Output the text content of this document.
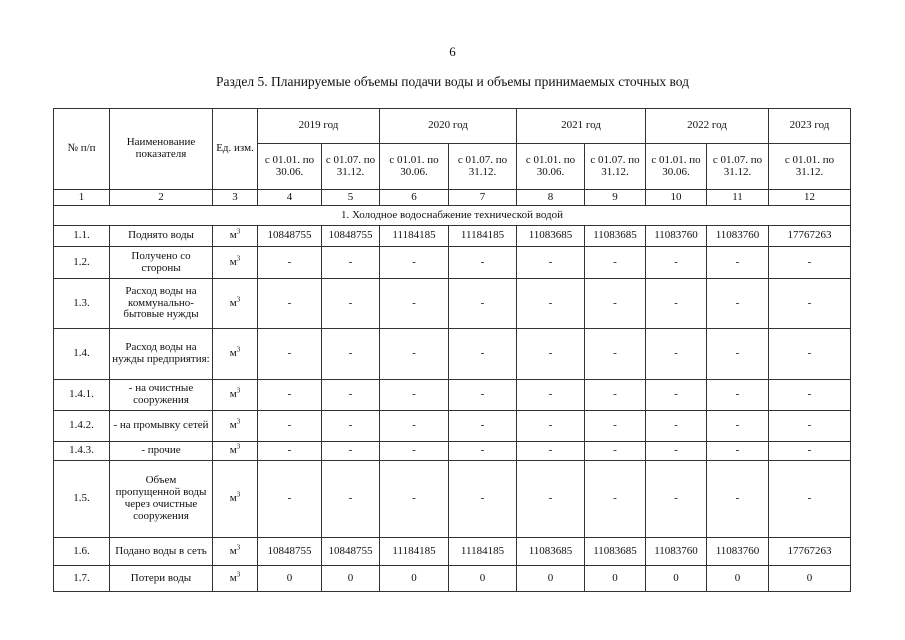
6
Раздел 5. Планируемые объемы подачи воды и объемы принимаемых сточных вод
№ п/п	Наименование показателя	Ед. изм.	2019 год		2020 год		2021 год		2022 год		2023 год
			с 01.01. по 30.06.	с 01.07. по 31.12.	с 01.01. по 30.06.	с 01.07. по 31.12.	с 01.01. по 30.06.	с 01.07. по 31.12.	с 01.01. по 30.06.	с 01.07. по 31.12.	с 01.01. по 31.12.
1	2	3	4	5	6	7	8	9	10	11	12
1. Холодное водоснабжение технической водой											
1.1.	Поднято воды	$м^3$	10848755	10848755	11184185	11184185	11083685	11083685	11083760	11083760	17767263
1.2.	Получено со стороны	$м^3$	-	-	-	-	-	-	-	-	-
1.3.	Расход воды на коммунально-бытовые нужды	$м^3$	-	-	-	-	-	-	-	-	-
1.4.	Расход воды на нужды предприятия:	$м^3$	-	-	-	-	-	-	-	-	-
1.4.1.	- на очистные сооружения	$м^3$	-	-	-	-	-	-	-	-	-
1.4.2.	- на промывку сетей	$м^3$	-	-	-	-	-	-	-	-	-
1.4.3.	- прочие	$м^3$	-	-	-	-	-	-	-	-	-
1.5.	Объем пропущенной воды через очистные сооружения	$м^3$	-	-	-	-	-	-	-	-	-
1.6.	Подано воды в сеть	$м^3$	10848755	10848755	11184185	11184185	11083685	11083685	11083760	11083760	17767263
1.7.	Потери воды	$м^3$	0	0	0	0	0	0	0	0	0
